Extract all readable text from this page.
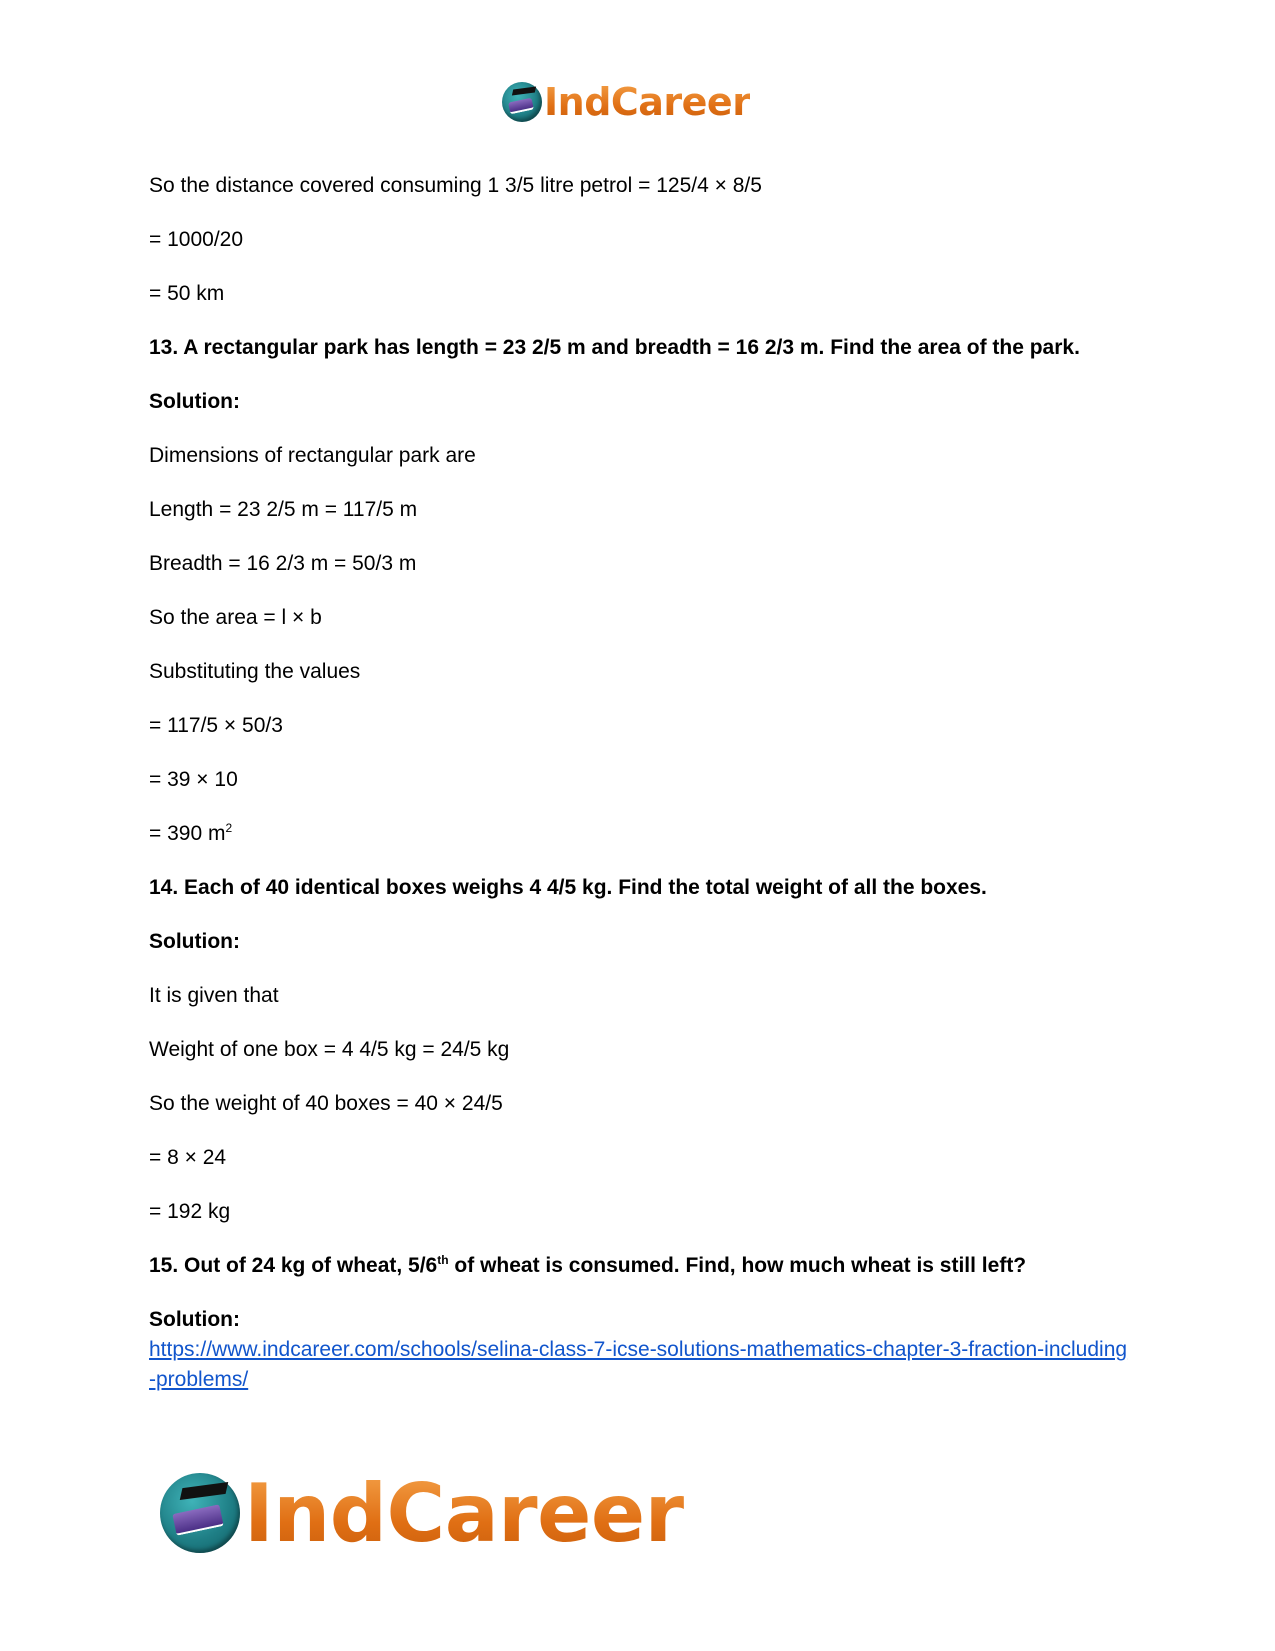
IndCareer

So the distance covered consuming 1 3/5 litre petrol = 125/4 × 8/5

= 1000/20

= 50 km

13. A rectangular park has length = 23 2/5 m and breadth = 16 2/3 m. Find the area of the park.

Solution:

Dimensions of rectangular park are

Length = 23 2/5 m = 117/5 m

Breadth = 16 2/3 m = 50/3 m

So the area = l × b

Substituting the values

= 117/5 × 50/3

= 39 × 10

= 390 $m^2$

14. Each of 40 identical boxes weighs 4 4/5 kg. Find the total weight of all the boxes.

Solution:

It is given that

Weight of one box = 4 4/5 kg = 24/5 kg

So the weight of 40 boxes = 40 × 24/5

= 8 × 24

= 192 kg

15. Out of 24 kg of wheat, 5/6th of wheat is consumed. Find, how much wheat is still left?

Solution:

https://www.indcareer.com/schools/selina-class-7-icse-solutions-mathematics-chapter-3-fraction-including-problems/
IndCareer
